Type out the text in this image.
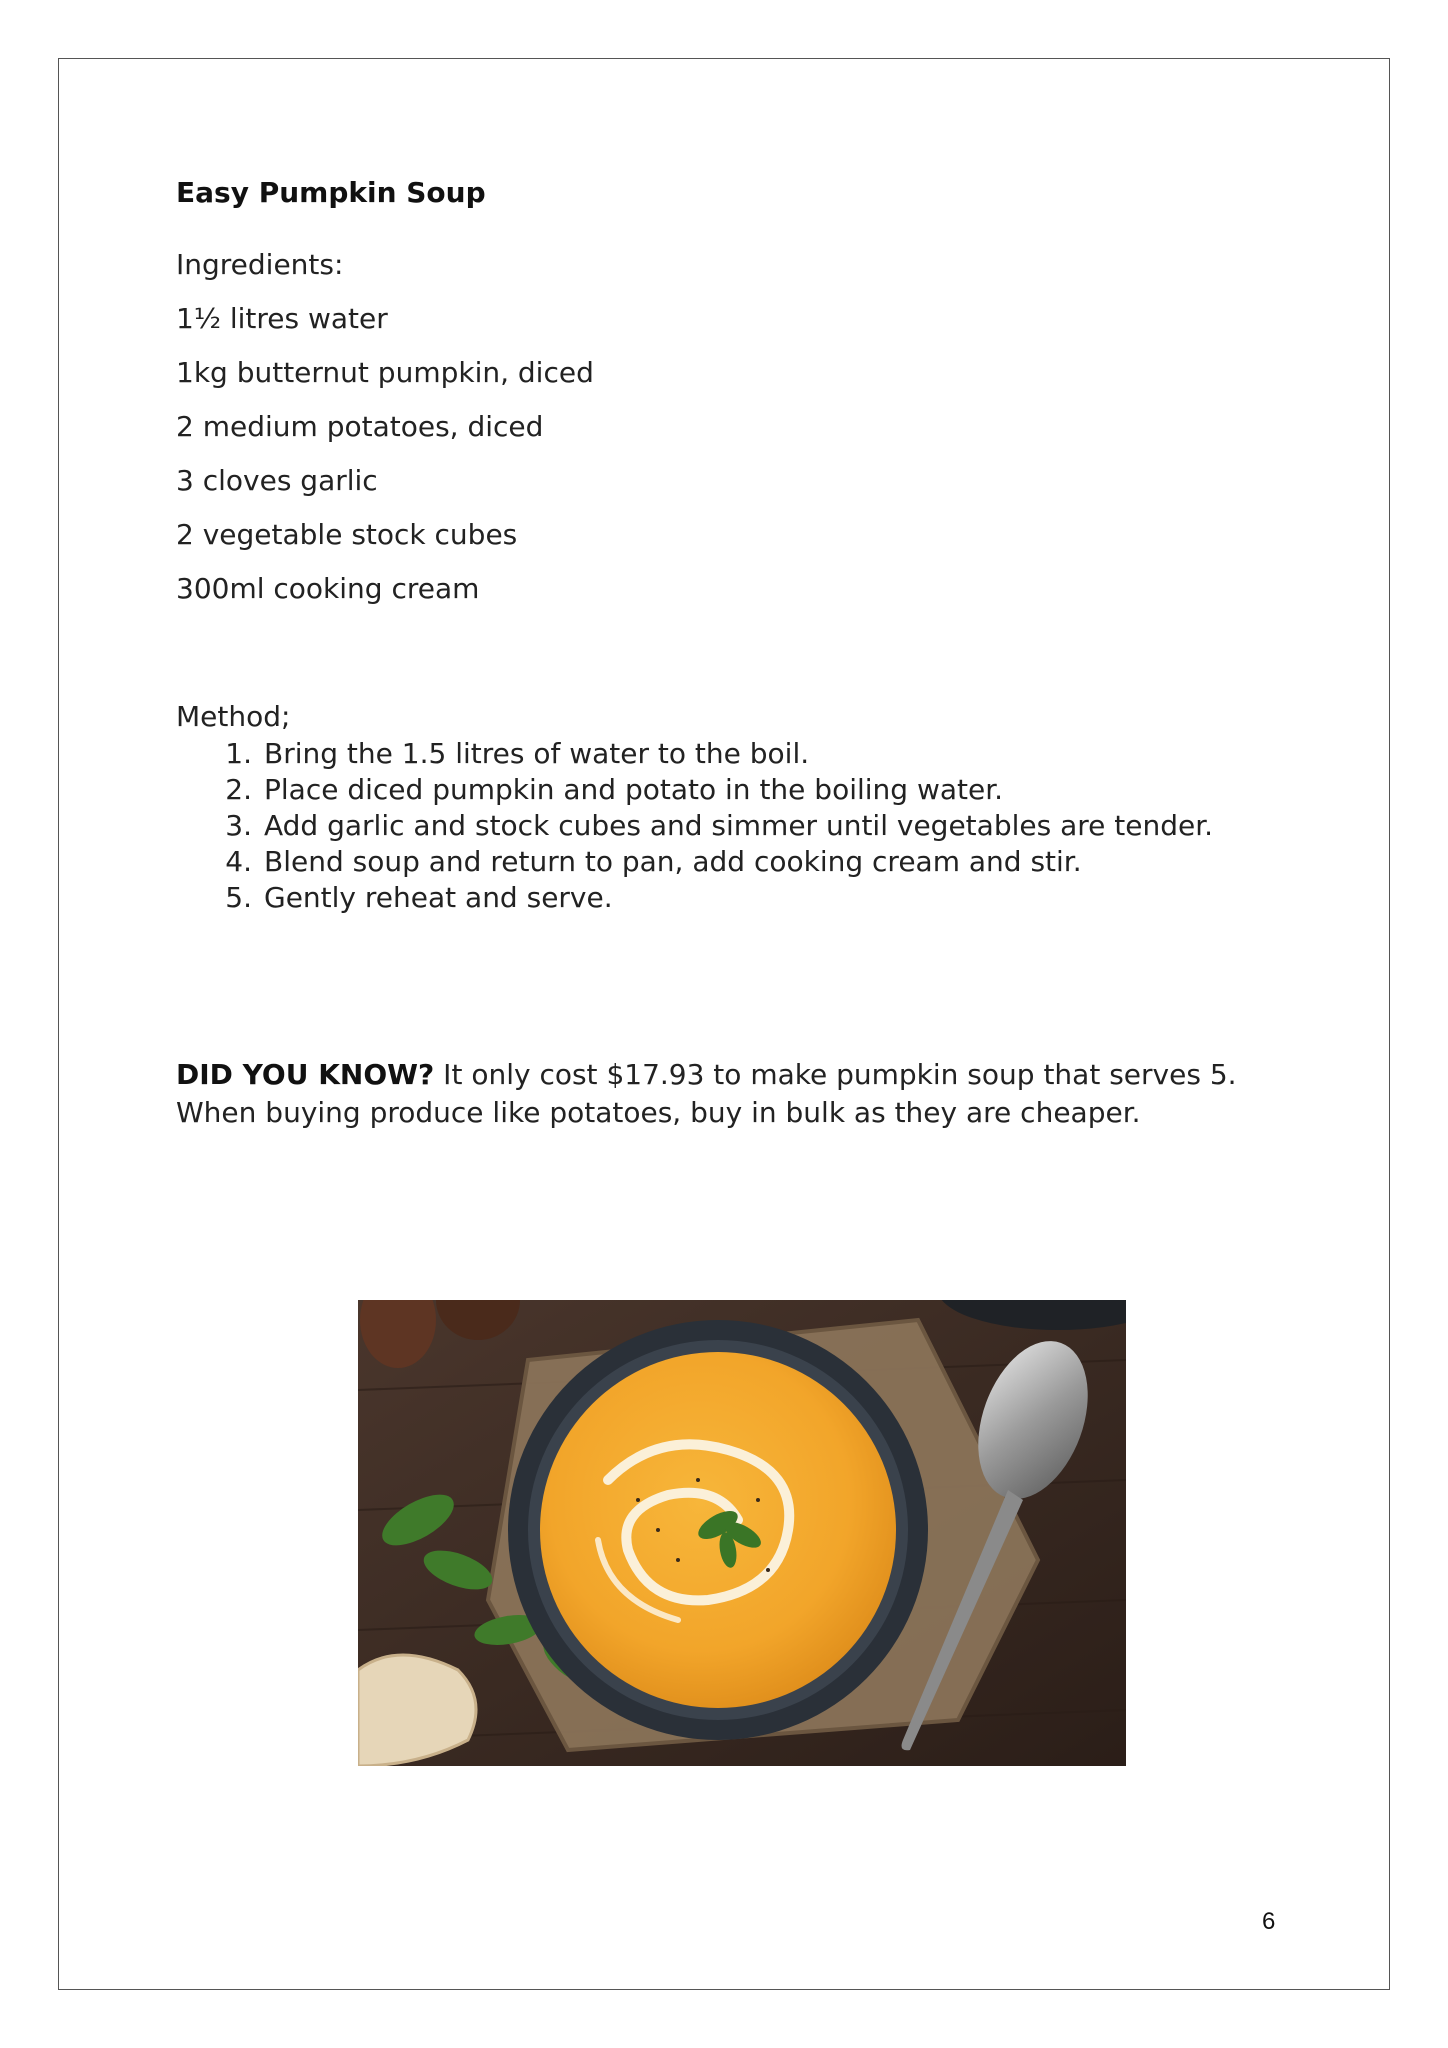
Easy Pumpkin Soup
Ingredients:
1½ litres water
1kg butternut pumpkin, diced
2 medium potatoes, diced
3 cloves garlic
2 vegetable stock cubes
300ml cooking cream
Method;
1. Bring the 1.5 litres of water to the boil.
2. Place diced pumpkin and potato in the boiling water.
3. Add garlic and stock cubes and simmer until vegetables are tender.
4. Blend soup and return to pan, add cooking cream and stir.
5. Gently reheat and serve.
DID YOU KNOW? It only cost $17.93 to make pumpkin soup that serves 5.
When buying produce like potatoes, buy in bulk as they are cheaper.
6
